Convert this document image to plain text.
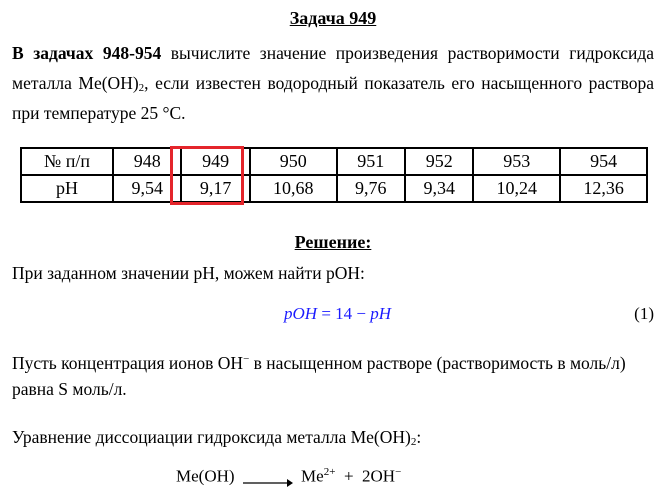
Задача 949
В задачах 948-954 вычислите значение произведения растворимости гидроксида
металла $Me(OH)_2$, если известен водородный показатель его насыщенного раствора
при температуре 25 °C.
№ п/п	948	949	950	951	952	953	954
pH	9,54	9,17	10,68	9,76	9,34	10,24	12,36
Решение:
При заданном значении pH, можем найти pOH:
pOH = 14 − pH	(1)
Пусть концентрация ионов OH− в насыщенном растворе (растворимость в моль/л)
равна S моль/л.
Уравнение диссоциации гидроксида металла $Me(OH)_2$:
$Me(OH) \to Me^{2+} + 2OH^-$
